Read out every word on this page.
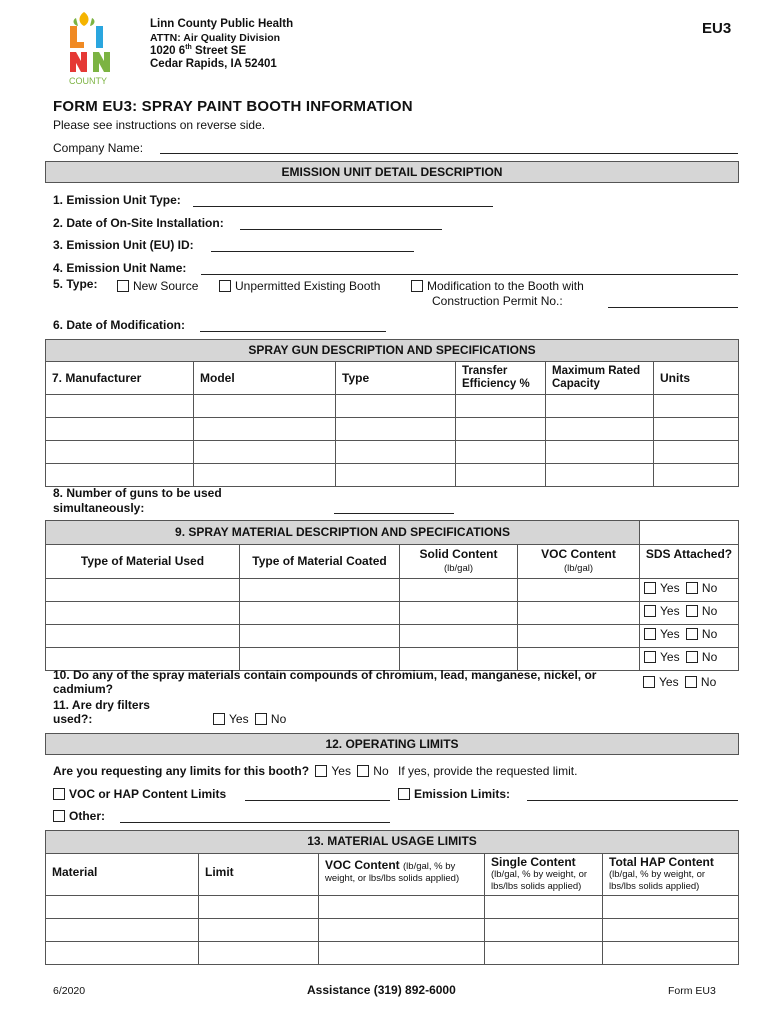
COUNTY
Linn County Public Health
ATTN: Air Quality Division
1020 6th Street SE
Cedar Rapids, IA 52401
EU3
FORM EU3: SPRAY PAINT BOOTH INFORMATION
Please see instructions on reverse side.
Company Name:
EMISSION UNIT DETAIL DESCRIPTION
1. Emission Unit Type:
2. Date of On-Site Installation:
3. Emission Unit (EU) ID:
4. Emission Unit Name:
5. Type:	New Source	Unpermitted Existing Booth	Modification to the Booth with
Construction Permit No.:
6. Date of Modification:
SPRAY GUN DESCRIPTION AND SPECIFICATIONS					
7. Manufacturer	Model	Type	Transfer Efficiency %	Maximum Rated Capacity	Units

8. Number of guns to be used simultaneously:
9. SPRAY MATERIAL DESCRIPTION AND SPECIFICATIONS				
Type of Material Used	Type of Material Coated	Solid Content
(lb/gal)	VOC Content
(lb/gal)	SDS Attached?
				Yes No
				Yes No
				Yes No
				Yes No
10. Do any of the spray materials contain compounds of chromium, lead, manganese, nickel, or cadmium?	Yes No
11. Are dry filters used?:	Yes No
12. OPERATING LIMITS
Are you requesting any limits for this booth? Yes No If yes, provide the requested limit.
VOC or HAP Content Limits	Emission Limits:
Other:
13. MATERIAL USAGE LIMITS				
Material	Limit	VOC Content (lb/gal, % by weight, or lbs/lbs solids applied)	Single Content
(lb/gal, % by weight, or lbs/lbs solids applied)	Total HAP Content
(lb/gal, % by weight, or lbs/lbs solids applied)

6/2020	Assistance (319) 892-6000	Form EU3
